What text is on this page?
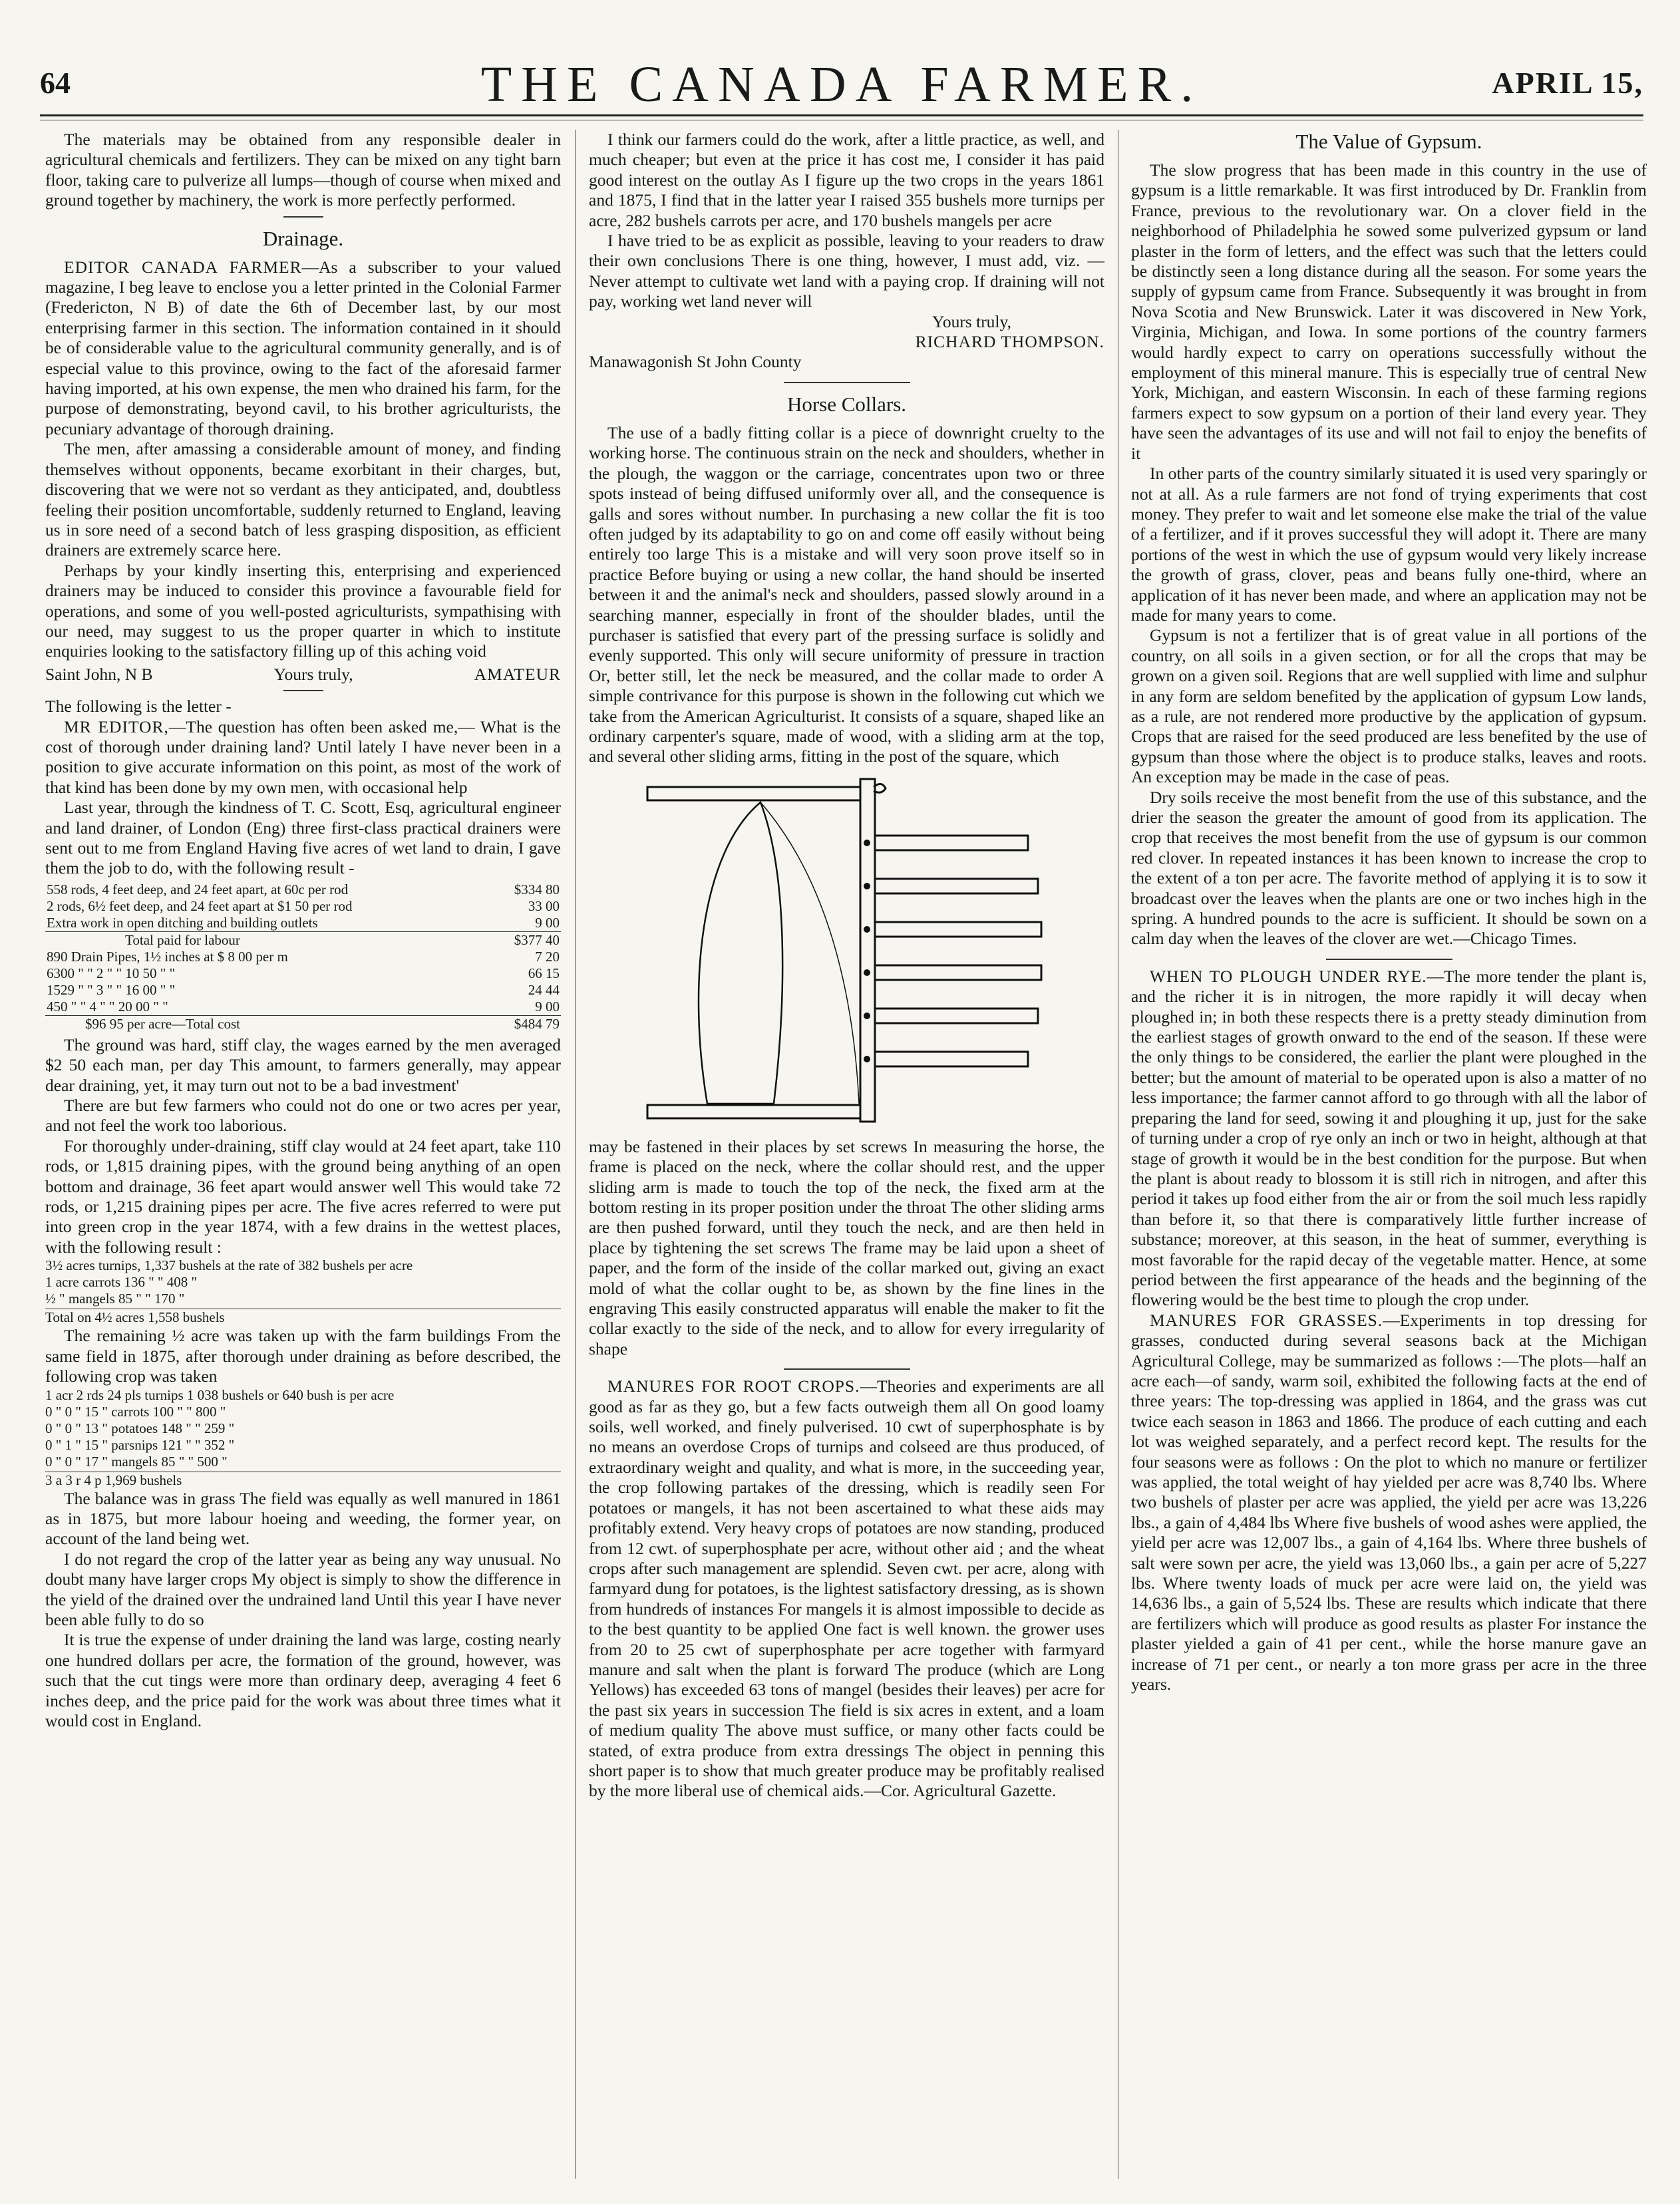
64	THE CANADA FARMER.	APRIL 15,

The materials may be obtained from any responsible dealer in agricultural chemicals and fertilizers. They can be mixed on any tight barn floor, taking care to pulverize all lumps—though of course when mixed and ground together by machinery, the work is more perfectly performed.

Drainage.

EDITOR CANADA FARMER—As a subscriber to your valued magazine, I beg leave to enclose you a letter printed in the Colonial Farmer (Fredericton, N B) of date the 6th of December last, by our most enterprising farmer in this section. The information contained in it should be of considerable value to the agricultural community generally, and is of especial value to this province, owing to the fact of the aforesaid farmer having imported, at his own expense, the men who drained his farm, for the purpose of demonstrating, beyond cavil, to his brother agriculturists, the pecuniary advantage of thorough draining.

The men, after amassing a considerable amount of money, and finding themselves without opponents, became exorbitant in their charges, but, discovering that we were not so verdant as they anticipated, and, doubtless feeling their position uncomfortable, suddenly returned to England, leaving us in sore need of a second batch of less grasping disposition, as efficient drainers are extremely scarce here.

Perhaps by your kindly inserting this, enterprising and experienced drainers may be induced to consider this province a favourable field for operations, and some of you well-posted agriculturists, sympathising with our need, may suggest to us the proper quarter in which to institute enquiries looking to the satisfactory filling up of this aching void

Saint John, N B	Yours truly,	AMATEUR

The following is the letter -

MR EDITOR,—The question has often been asked me,— What is the cost of thorough under draining land? Until lately I have never been in a position to give accurate information on this point, as most of the work of that kind has been done by my own men, with occasional help

Last year, through the kindness of T. C. Scott, Esq, agricultural engineer and land drainer, of London (Eng) three first-class practical drainers were sent out to me from England Having five acres of wet land to drain, I gave them the job to do, with the following result -

558 rods, 4 feet deep, and 24 feet apart, at 60c per rod	$334 80
2 rods, 6½ feet deep, and 24 feet apart at $1 50 per rod	33 00
Extra work in open ditching and building outlets	9 00
Total paid for labour	$377 40
890 Drain Pipes, 1½ inches at $ 8 00 per m	7 20
6300 " " 2 " " 10 50 " "	66 15
1529 " " 3 " " 16 00 " "	24 44
450 " " 4 " " 20 00 " "	9 00
$96 95 per acre—Total cost	$484 79

The ground was hard, stiff clay, the wages earned by the men averaged $2 50 each man, per day This amount, to farmers generally, may appear dear draining, yet, it may turn out not to be a bad investment'

There are but few farmers who could not do one or two acres per year, and not feel the work too laborious.

For thoroughly under-draining, stiff clay would at 24 feet apart, take 110 rods, or 1,815 draining pipes, with the ground being anything of an open bottom and drainage, 36 feet apart would answer well This would take 72 rods, or 1,215 draining pipes per acre. The five acres referred to were put into green crop in the year 1874, with a few drains in the wettest places, with the following result :

3½ acres turnips, 1,337 bushels at the rate of 382 bushels per acre
1 acre carrots 136 " " 408 "
½ " mangels 85 " " 170 "
Total on 4½ acres 1,558 bushels

The remaining ½ acre was taken up with the farm buildings From the same field in 1875, after thorough under draining as before described, the following crop was taken

1 acr 2 rds 24 pls turnips 1 038 bushels or 640 bush is per acre
0 " 0 " 15 " carrots 100 " " 800 "
0 " 0 " 13 " potatoes 148 " " 259 "
0 " 1 " 15 " parsnips 121 " " 352 "
0 " 0 " 17 " mangels 85 " " 500 "
3 a 3 r 4 p 1,969 bushels

The balance was in grass The field was equally as well manured in 1861 as in 1875, but more labour hoeing and weeding, the former year, on account of the land being wet.

I do not regard the crop of the latter year as being any way unusual. No doubt many have larger crops My object is simply to show the difference in the yield of the drained over the undrained land Until this year I have never been able fully to do so

It is true the expense of under draining the land was large, costing nearly one hundred dollars per acre, the formation of the ground, however, was such that the cut tings were more than ordinary deep, averaging 4 feet 6 inches deep, and the price paid for the work was about three times what it would cost in England.

I think our farmers could do the work, after a little practice, as well, and much cheaper; but even at the price it has cost me, I consider it has paid good interest on the outlay As I figure up the two crops in the years 1861 and 1875, I find that in the latter year I raised 355 bushels more turnips per acre, 282 bushels carrots per acre, and 170 bushels mangels per acre

I have tried to be as explicit as possible, leaving to your readers to draw their own conclusions There is one thing, however, I must add, viz. —Never attempt to cultivate wet land with a paying crop. If draining will not pay, working wet land never will

Yours truly,
RICHARD THOMPSON.
Manawagonish St John County
Horse Collars.

The use of a badly fitting collar is a piece of downright cruelty to the working horse. The continuous strain on the neck and shoulders, whether in the plough, the waggon or the carriage, concentrates upon two or three spots instead of being diffused uniformly over all, and the consequence is galls and sores without number. In purchasing a new collar the fit is too often judged by its adaptability to go on and come off easily without being entirely too large This is a mistake and will very soon prove itself so in practice Before buying or using a new collar, the hand should be inserted between it and the animal's neck and shoulders, passed slowly around in a searching manner, especially in front of the shoulder blades, until the purchaser is satisfied that every part of the pressing surface is solidly and evenly supported. This only will secure uniformity of pressure in traction Or, better still, let the neck be measured, and the collar made to order A simple contrivance for this purpose is shown in the following cut which we take from the American Agriculturist. It consists of a square, shaped like an ordinary carpenter's square, made of wood, with a sliding arm at the top, and several other sliding arms, fitting in the post of the square, which

may be fastened in their places by set screws In measuring the horse, the frame is placed on the neck, where the collar should rest, and the upper sliding arm is made to touch the top of the neck, the fixed arm at the bottom resting in its proper position under the throat The other sliding arms are then pushed forward, until they touch the neck, and are then held in place by tightening the set screws The frame may be laid upon a sheet of paper, and the form of the inside of the collar marked out, giving an exact mold of what the collar ought to be, as shown by the fine lines in the engraving This easily constructed apparatus will enable the maker to fit the collar exactly to the side of the neck, and to allow for every irregularity of shape

MANURES FOR ROOT CROPS.—Theories and experiments are all good as far as they go, but a few facts outweigh them all On good loamy soils, well worked, and finely pulverised. 10 cwt of superphosphate is by no means an overdose Crops of turnips and colseed are thus produced, of extraordinary weight and quality, and what is more, in the succeeding year, the crop following partakes of the dressing, which is readily seen For potatoes or mangels, it has not been ascertained to what these aids may profitably extend. Very heavy crops of potatoes are now standing, produced from 12 cwt. of superphosphate per acre, without other aid ; and the wheat crops after such management are splendid. Seven cwt. per acre, along with farmyard dung for potatoes, is the lightest satisfactory dressing, as is shown from hundreds of instances For mangels it is almost impossible to decide as to the best quantity to be applied One fact is well known. the grower uses from 20 to 25 cwt of superphosphate per acre together with farmyard manure and salt when the plant is forward The produce (which are Long Yellows) has exceeded 63 tons of mangel (besides their leaves) per acre for the past six years in succession The field is six acres in extent, and a loam of medium quality The above must suffice, or many other facts could be stated, of extra produce from extra dressings The object in penning this short paper is to show that much greater produce may be profitably realised by the more liberal use of chemical aids.—Cor. Agricultural Gazette.

The Value of Gypsum.

The slow progress that has been made in this country in the use of gypsum is a little remarkable. It was first introduced by Dr. Franklin from France, previous to the revolutionary war. On a clover field in the neighborhood of Philadelphia he sowed some pulverized gypsum or land plaster in the form of letters, and the effect was such that the letters could be distinctly seen a long distance during all the season. For some years the supply of gypsum came from France. Subsequently it was brought in from Nova Scotia and New Brunswick. Later it was discovered in New York, Virginia, Michigan, and Iowa. In some portions of the country farmers would hardly expect to carry on operations successfully without the employment of this mineral manure. This is especially true of central New York, Michigan, and eastern Wisconsin. In each of these farming regions farmers expect to sow gypsum on a portion of their land every year. They have seen the advantages of its use and will not fail to enjoy the benefits of it

In other parts of the country similarly situated it is used very sparingly or not at all. As a rule farmers are not fond of trying experiments that cost money. They prefer to wait and let someone else make the trial of the value of a fertilizer, and if it proves successful they will adopt it. There are many portions of the west in which the use of gypsum would very likely increase the growth of grass, clover, peas and beans fully one-third, where an application of it has never been made, and where an application may not be made for many years to come.

Gypsum is not a fertilizer that is of great value in all portions of the country, on all soils in a given section, or for all the crops that may be grown on a given soil. Regions that are well supplied with lime and sulphur in any form are seldom benefited by the application of gypsum Low lands, as a rule, are not rendered more productive by the application of gypsum. Crops that are raised for the seed produced are less benefited by the use of gypsum than those where the object is to produce stalks, leaves and roots. An exception may be made in the case of peas.

Dry soils receive the most benefit from the use of this substance, and the drier the season the greater the amount of good from its application. The crop that receives the most benefit from the use of gypsum is our common red clover. In repeated instances it has been known to increase the crop to the extent of a ton per acre. The favorite method of applying it is to sow it broadcast over the leaves when the plants are one or two inches high in the spring. A hundred pounds to the acre is sufficient. It should be sown on a calm day when the leaves of the clover are wet.—Chicago Times.

WHEN TO PLOUGH UNDER RYE.—The more tender the plant is, and the richer it is in nitrogen, the more rapidly it will decay when ploughed in; in both these respects there is a pretty steady diminution from the earliest stages of growth onward to the end of the season. If these were the only things to be considered, the earlier the plant were ploughed in the better; but the amount of material to be operated upon is also a matter of no less importance; the farmer cannot afford to go through with all the labor of preparing the land for seed, sowing it and ploughing it up, just for the sake of turning under a crop of rye only an inch or two in height, although at that stage of growth it would be in the best condition for the purpose. But when the plant is about ready to blossom it is still rich in nitrogen, and after this period it takes up food either from the air or from the soil much less rapidly than before it, so that there is comparatively little further increase of substance; moreover, at this season, in the heat of summer, everything is most favorable for the rapid decay of the vegetable matter. Hence, at some period between the first appearance of the heads and the beginning of the flowering would be the best time to plough the crop under.

MANURES FOR GRASSES.—Experiments in top dressing for grasses, conducted during several seasons back at the Michigan Agricultural College, may be summarized as follows :—The plots—half an acre each—of sandy, warm soil, exhibited the following facts at the end of three years: The top-dressing was applied in 1864, and the grass was cut twice each season in 1863 and 1866. The produce of each cutting and each lot was weighed separately, and a perfect record kept. The results for the four seasons were as follows : On the plot to which no manure or fertilizer was applied, the total weight of hay yielded per acre was 8,740 lbs. Where two bushels of plaster per acre was applied, the yield per acre was 13,226 lbs., a gain of 4,484 lbs Where five bushels of wood ashes were applied, the yield per acre was 12,007 lbs., a gain of 4,164 lbs. Where three bushels of salt were sown per acre, the yield was 13,060 lbs., a gain per acre of 5,227 lbs. Where twenty loads of muck per acre were laid on, the yield was 14,636 lbs., a gain of 5,524 lbs. These are results which indicate that there are fertilizers which will produce as good results as plaster For instance the plaster yielded a gain of 41 per cent., while the horse manure gave an increase of 71 per cent., or nearly a ton more grass per acre in the three years.
